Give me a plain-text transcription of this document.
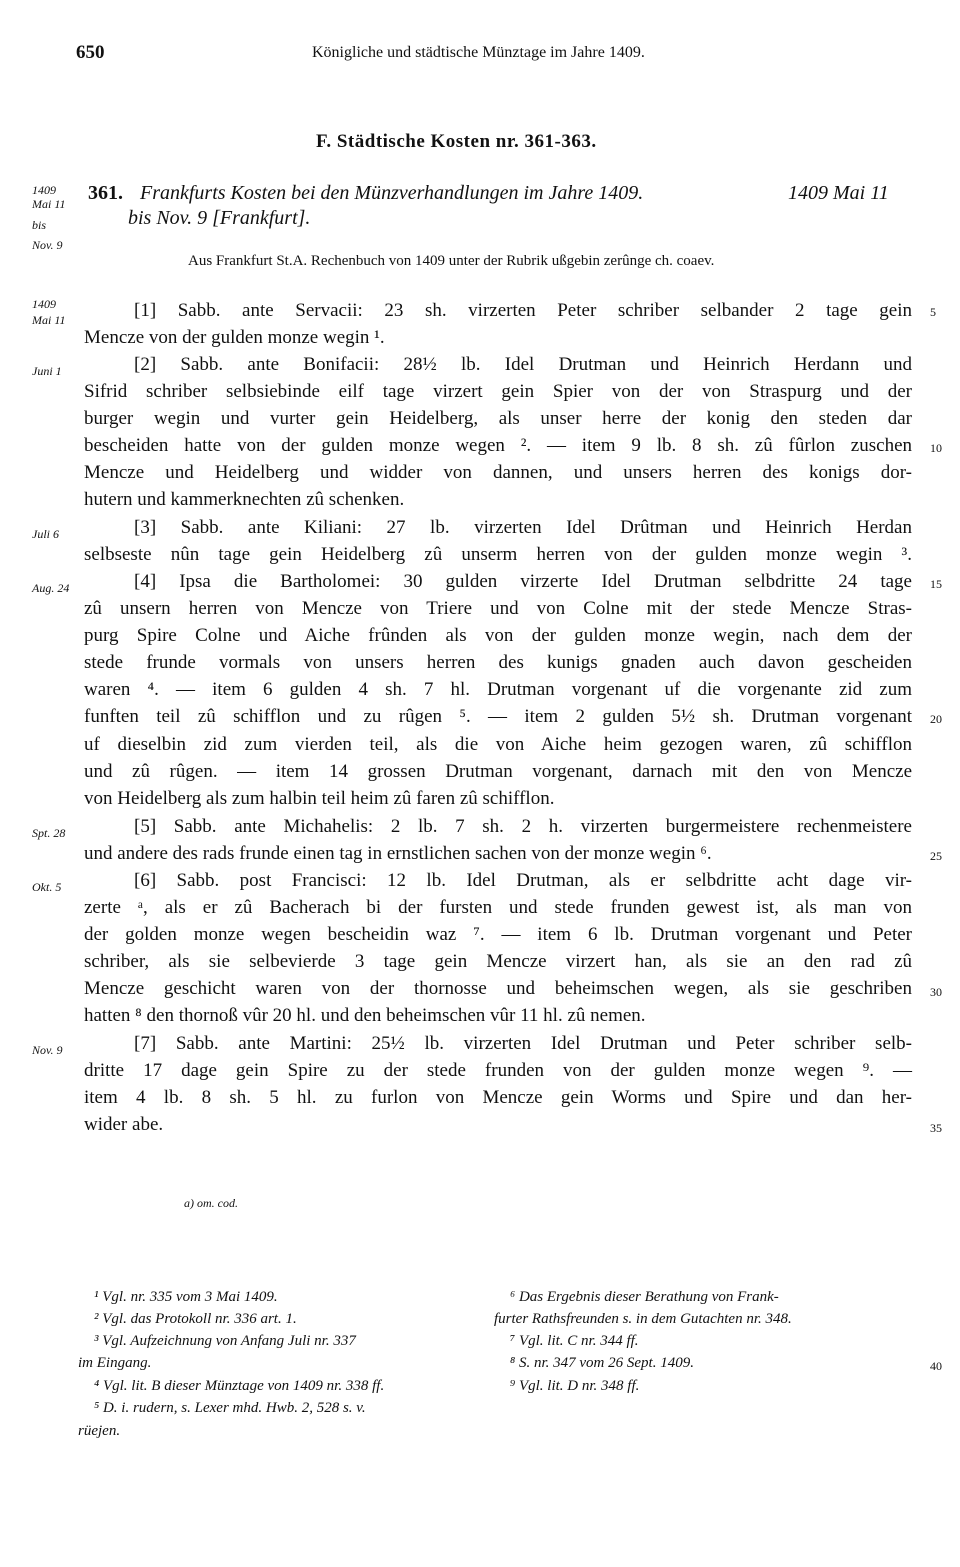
650	Königliche und städtische Münztage im Jahre 1409.
F. Städtische Kosten nr. 361-363.
1409
Mai 11
bis
Nov. 9
361. Frankfurts Kosten bei den Münzverhandlungen im Jahre 1409.	1409 Mai 11
bis Nov. 9 [Frankfurt].
Aus Frankfurt St.A. Rechenbuch von 1409 unter der Rubrik ußgebin zerûnge ch. coaev.
1409
Mai 11
Juni 1
Juli 6
Aug. 24
Spt. 28
Okt. 5
Nov. 9
5
10
15
20
25
30
35
40
[1] Sabb. ante Servacii: 23 sh. virzerten Peter schriber selbander 2 tage gein
Mencze von der gulden monze wegin ¹.
[2] Sabb. ante Bonifacii: 28½ lb. Idel Drutman und Heinrich Herdann und
Sifrid schriber selbsiebinde eilf tage virzert gein Spier von der von Straspurg und der
burger wegin und vurter gein Heidelberg, als unser herre der konig den steden dar
bescheiden hatte von der gulden monze wegen ². — item 9 lb. 8 sh. zû fûrlon zuschen
Mencze und Heidelberg und widder von dannen, und unsers herren des konigs dor-
hutern und kammerknechten zû schenken.
[3] Sabb. ante Kiliani: 27 lb. virzerten Idel Drûtman und Heinrich Herdan
selbseste nûn tage gein Heidelberg zû unserm herren von der gulden monze wegin ³.
[4] Ipsa die Bartholomei: 30 gulden virzerte Idel Drutman selbdritte 24 tage
zû unsern herren von Mencze von Triere und von Colne mit der stede Mencze Stras-
purg Spire Colne und Aiche frûnden als von der gulden monze wegin, nach dem der
stede frunde vormals von unsers herren des kunigs gnaden auch davon gescheiden
waren ⁴. — item 6 gulden 4 sh. 7 hl. Drutman vorgenant uf die vorgenante zid zum
funften teil zû schifflon und zu rûgen ⁵. — item 2 gulden 5½ sh. Drutman vorgenant
uf dieselbin zid zum vierden teil, als die von Aiche heim gezogen waren, zû schifflon
und zû rûgen. — item 14 grossen Drutman vorgenant, darnach mit den von Mencze
von Heidelberg als zum halbin teil heim zû faren zû schifflon.
[5] Sabb. ante Michahelis: 2 lb. 7 sh. 2 h. virzerten burgermeistere rechenmeistere
und andere des rads frunde einen tag in ernstlichen sachen von der monze wegin ⁶.
[6] Sabb. post Francisci: 12 lb. Idel Drutman, als er selbdritte acht dage vir-
zerte ᵃ, als er zû Bacherach bi der fursten und stede frunden gewest ist, als man von
der golden monze wegen bescheidin waz ⁷. — item 6 lb. Drutman vorgenant und Peter
schriber, als sie selbevierde 3 tage gein Mencze virzert han, als sie an den rad zû
Mencze geschicht waren von der thornosse und beheimschen wegen, als sie geschriben
hatten ⁸ den thornoß vûr 20 hl. und den beheimschen vûr 11 hl. zû nemen.
[7] Sabb. ante Martini: 25½ lb. virzerten Idel Drutman und Peter schriber selb-
dritte 17 dage gein Spire zu der stede frunden von der gulden monze wegen ⁹. —
item 4 lb. 8 sh. 5 hl. zu furlon von Mencze gein Worms und Spire und dan her-
wider abe.
a) om. cod.
¹ Vgl. nr. 335 vom 3 Mai 1409.
² Vgl. das Protokoll nr. 336 art. 1.
³ Vgl. Aufzeichnung von Anfang Juli nr. 337
im Eingang.
⁴ Vgl. lit. B dieser Münztage von 1409 nr. 338 ff.
⁵ D. i. rudern, s. Lexer mhd. Hwb. 2, 528 s. v.
rüejen.
⁶ Das Ergebnis dieser Berathung von Frank-
furter Rathsfreunden s. in dem Gutachten nr. 348.
⁷ Vgl. lit. C nr. 344 ff.
⁸ S. nr. 347 vom 26 Sept. 1409.
⁹ Vgl. lit. D nr. 348 ff.
